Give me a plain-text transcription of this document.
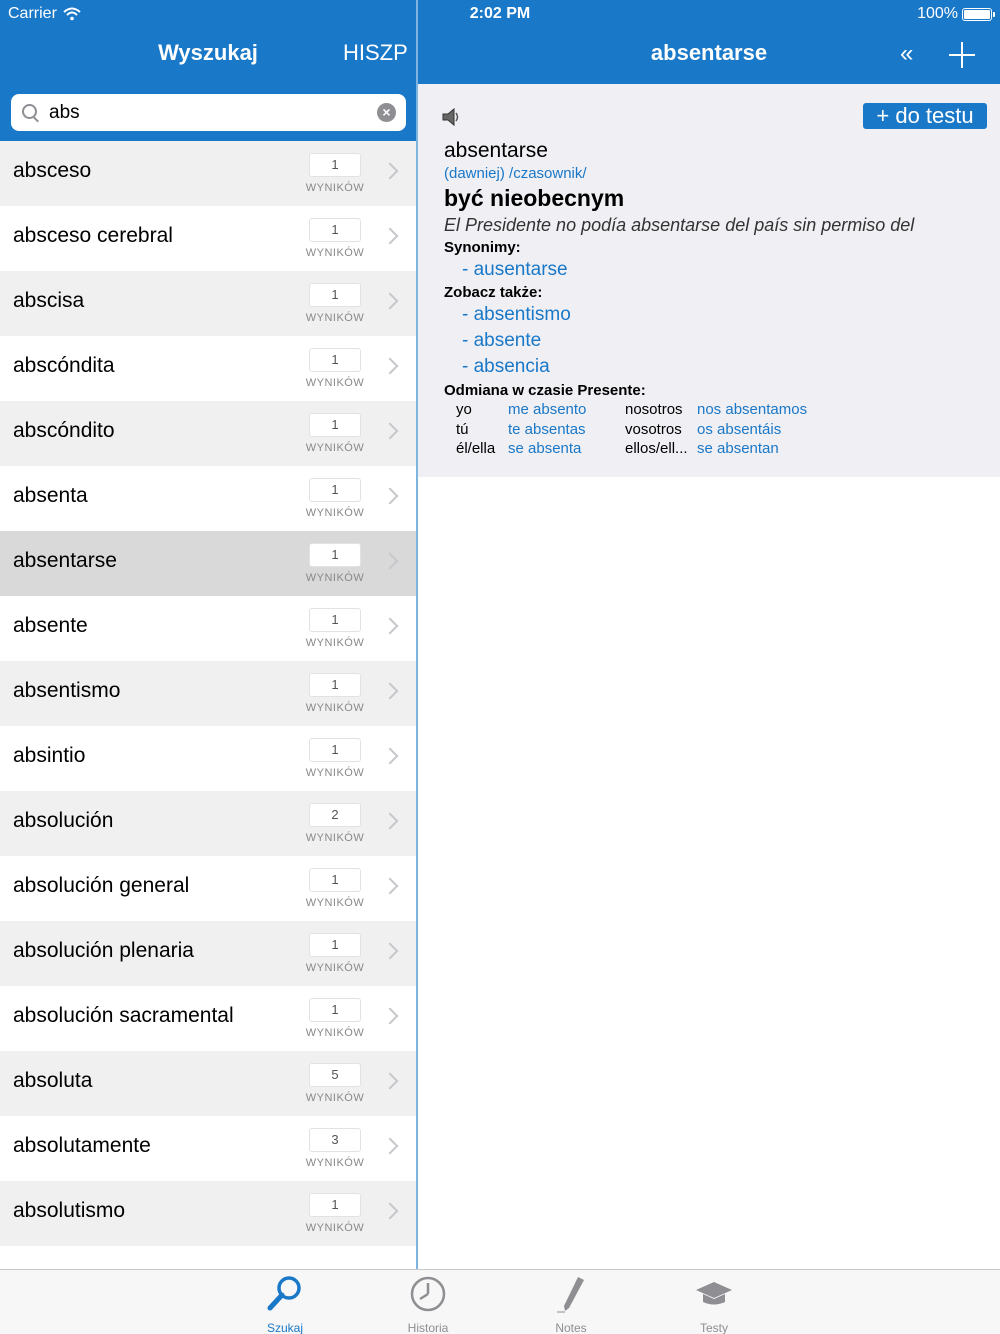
Carrier	2:02 PM	100%
Wyszukaj	HISZP	absentarse	«
abs
×
absceso	1
WYNIKÓW
absceso cerebral	1
WYNIKÓW
abscisa	1
WYNIKÓW
abscóndita	1
WYNIKÓW
abscóndito	1
WYNIKÓW
absenta	1
WYNIKÓW
absentarse	1
WYNIKÓW
absente	1
WYNIKÓW
absentismo	1
WYNIKÓW
absintio	1
WYNIKÓW
absolución	2
WYNIKÓW
absolución general	1
WYNIKÓW
absolución plenaria	1
WYNIKÓW
absolución sacramental	1
WYNIKÓW
absoluta	5
WYNIKÓW
absolutamente	3
WYNIKÓW
absolutismo	1
WYNIKÓW
+ do testu
absentarse
(dawniej) /czasownik/
być nieobecnym
El Presidente no podía absentarse del país sin permiso del
Synonimy:
- ausentarse
Zobacz także:
- absentismo
- absente
- absencia
Odmiana w czasie Presente:
yo me absento	nosotros nos absentamos
tú	te absentas	vosotros os absentáis
él/ella se absenta	ellos/ell... se absentan
Szukaj	Historia	Notes	Testy
